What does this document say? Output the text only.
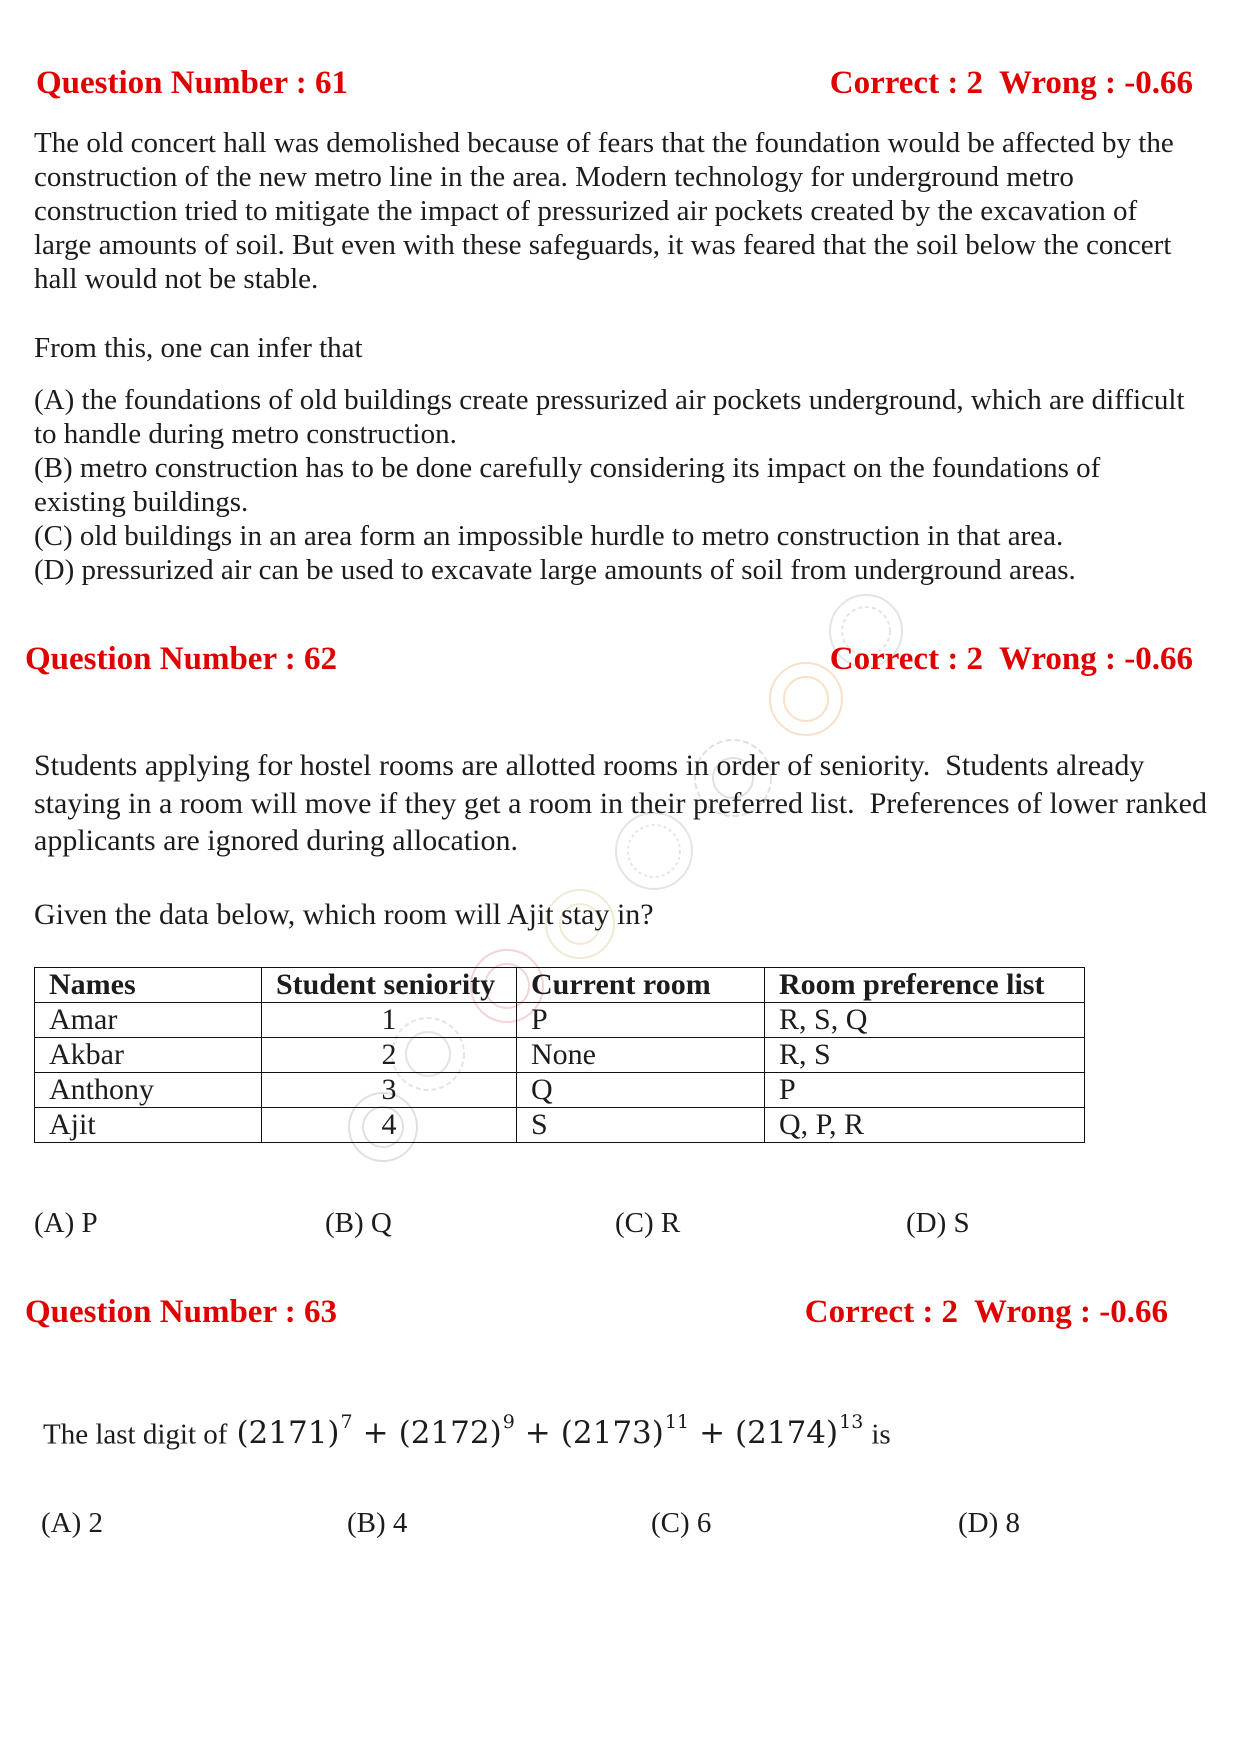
Question Number : 61	Correct : 2  Wrong : -0.66
The old concert hall was demolished because of fears that the foundation would be affected by the
construction of the new metro line in the area. Modern technology for underground metro
construction tried to mitigate the impact of pressurized air pockets created by the excavation of
large amounts of soil. But even with these safeguards, it was feared that the soil below the concert
hall would not be stable.
From this, one can infer that
(A) the foundations of old buildings create pressurized air pockets underground, which are difficult
to handle during metro construction.
(B) metro construction has to be done carefully considering its impact on the foundations of
existing buildings.
(C) old buildings in an area form an impossible hurdle to metro construction in that area.
(D) pressurized air can be used to excavate large amounts of soil from underground areas.
Question Number : 62	Correct : 2  Wrong : -0.66
Students applying for hostel rooms are allotted rooms in order of seniority.  Students already
staying in a room will move if they get a room in their preferred list.  Preferences of lower ranked
applicants are ignored during allocation.
Given the data below, which room will Ajit stay in?
Names	Student seniority	Current room	Room preference list
Amar	1	P	R, S, Q
Akbar	2	None	R, S
Anthony	3	Q	P
Ajit	4	S	Q, P, R
(A) P	(B) Q	(C) R	(D) S
Question Number : 63	Correct : 2  Wrong : -0.66
The last digit of $(2171)^7 + (2172)^9 + (2173)^{11} + (2174)^{13}$ is
(A) 2	(B) 4	(C) 6	(D) 8
